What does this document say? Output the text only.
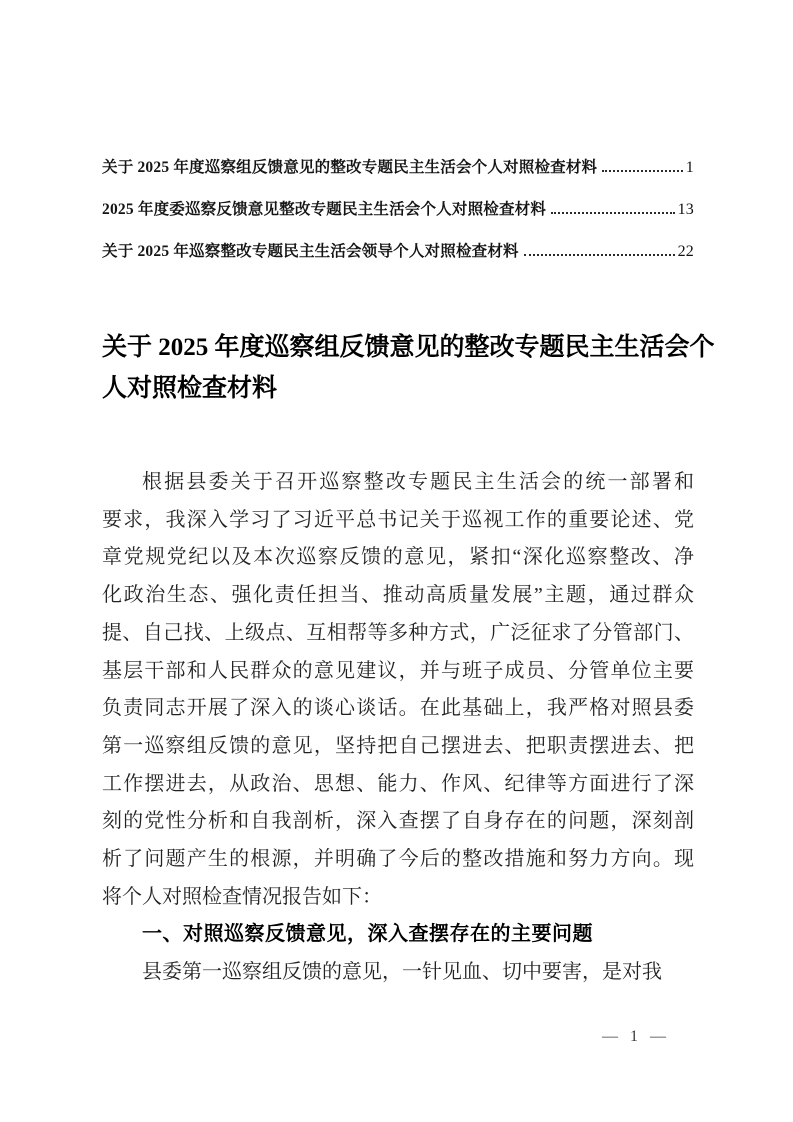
关于 2025 年度巡察组反馈意见的整改专题民主生活会个人对照检查材料	1
2025 年度委巡察反馈意见整改专题民主生活会个人对照检查材料	13
关于 2025 年巡察整改专题民主生活会领导个人对照检查材料	22
关于 2025 年度巡察组反馈意见的整改专题民主生活会个
人对照检查材料
根据县委关于召开巡察整改专题民主生活会的统一部署和
要求，我深入学习了习近平总书记关于巡视工作的重要论述、党
章党规党纪以及本次巡察反馈的意见，紧扣“深化巡察整改、净
化政治生态、强化责任担当、推动高质量发展”主题，通过群众
提、自己找、上级点、互相帮等多种方式，广泛征求了分管部门、
基层干部和人民群众的意见建议，并与班子成员、分管单位主要
负责同志开展了深入的谈心谈话。在此基础上，我严格对照县委
第一巡察组反馈的意见，坚持把自己摆进去、把职责摆进去、把
工作摆进去，从政治、思想、能力、作风、纪律等方面进行了深
刻的党性分析和自我剖析，深入查摆了自身存在的问题，深刻剖
析了问题产生的根源，并明确了今后的整改措施和努力方向。现
将个人对照检查情况报告如下：
一、对照巡察反馈意见，深入查摆存在的主要问题
县委第一巡察组反馈的意见，一针见血、切中要害，是对我
— 1 —
